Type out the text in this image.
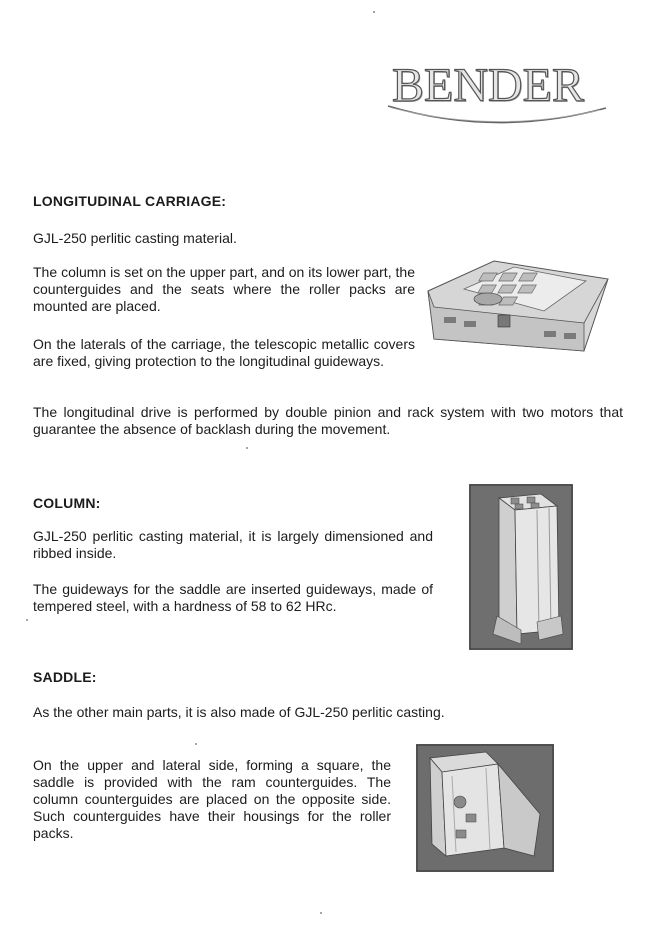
BENDER
LONGITUDINAL CARRIAGE:

GJL-250 perlitic casting material.

The column is set on the upper part, and on its lower part, the counterguides and the seats where the roller packs are mounted are placed.

On the laterals of the carriage, the telescopic metallic covers are fixed, giving protection to the longitudinal guideways.

The longitudinal drive is performed by double pinion and rack system with two motors that guarantee the absence of backlash during the movement.

COLUMN:

GJL-250 perlitic casting material, it is largely dimensioned and ribbed inside.

The guideways for the saddle are inserted guideways, made of tempered steel, with a hardness of 58 to 62 HRc.

SADDLE:

As the other main parts, it is also made of GJL-250 perlitic casting.

On the upper and lateral side, forming a square, the saddle is provided with the ram counterguides. The column counterguides are placed on the opposite side. Such counterguides have their housings for the roller packs.
